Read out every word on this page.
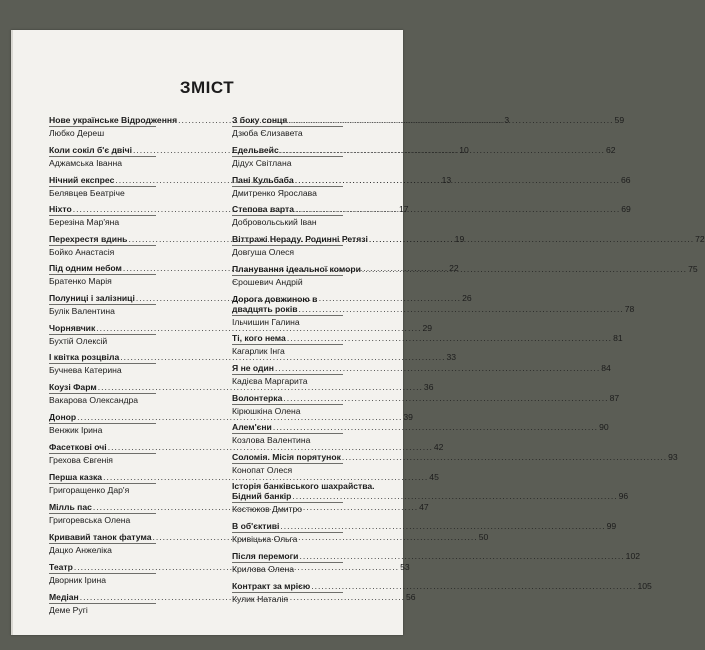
ЗМІСТ
Нове українське Відродження .....	3
Любко Дереш
Коли сокіл б'є двічі .....	10
Аджамська Іванна
Нічний експрес .....	13
Белявцев Беатріче
Ніхто .....	17
Березіна Мар'яна
Перехрестя вдинь .....	19
Бойко Анастасія
Під одним небом .....	22
Братенко Марія
Полуниці і залізниці .....	26
Булік Валентина
Чорнявчик .....	29
Бухтій Олексій
І квітка розцвіла .....	33
Бучнева Катерина
Коузі Фарм .....	36
Вакарова Олександра
Донор .....	39
Венжик Ірина
Фасеткові очі .....	42
Грехова Євгенія
Перша казка .....	45
Григоращенко Дар'я
Мілль пас .....	47
Григоревська Олена
Кривавий танок фатума .....	50
Дацко Анжеліка
Театр .....	53
Дворник Ірина
Медіан .....	56
Деме Ругі
З боку сонця .....	59
Дзюба Єлизавета
Едельвейс .....	62
Дідух Світлана
Пані Кульбаба .....	66
Дмитренко Ярослава
Степова варта .....	69
Добровольський Іван
Віттражі Нераду. Родинні Ретязі .....	72
Довгуша Олеся
Планування ідеальної комори .....	75
Єрошевич Андрій
Дорога довжиною в
двадцять років .....	78
Ільчишин Галина
Ті, кого нема .....	81
Кагарлик Інга
Я не один .....	84
Кадієва Маргарита
Волонтерка .....	87
Кірюшкіна Олена
Алем'єни .....	90
Козлова Валентина
Соломія. Місія порятунок .....	93
Конопат Олеся
Історія банківського шахрайства.
Бідний банкір .....	96
Костюков Дмитро
В об'єктиві .....	99
Кривіцька Ольга
Після перемоги .....	102
Крилова Олена
Контракт за мрією .....	105
Кулик Наталія
